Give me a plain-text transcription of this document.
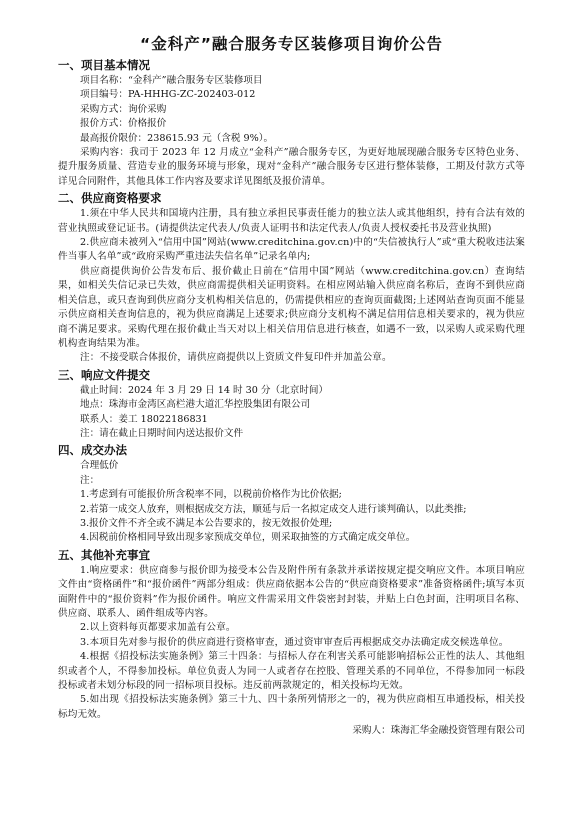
“金科产”融合服务专区装修项目询价公告
一、项目基本情况
项目名称：“金科产”融合服务专区装修项目
项目编号：PA-HHHG-ZC-202403-012
采购方式：询价采购
报价方式：价格报价
最高报价限价：238615.93 元（含税 9%）。
采购内容：我司于 2023 年 12 月成立“金科产”融合服务专区，为更好地展现融合服务专区特色业务、提升服务质量、营造专业的服务环境与形象，现对“金科产”融合服务专区进行整体装修，工期及付款方式等详见合同附件，其他具体工作内容及要求详见图纸及报价清单。
二、供应商资格要求
1.须在中华人民共和国境内注册，具有独立承担民事责任能力的独立法人或其他组织，持有合法有效的营业执照或登记证书。(请提供法定代表人/负责人证明书和法定代表人/负责人授权委托书及营业执照)
2.供应商未被列入“信用中国”网站(www.creditchina.gov.cn)中的“失信被执行人”或“重大税收违法案件当事人名单”或“政府采购严重违法失信名单”记录名单内;
供应商提供询价公告发布后、报价截止日前在“信用中国”网站（www.creditchina.gov.cn）查询结果，如相关失信记录已失效，供应商需提供相关证明资料。在相应网站输入供应商名称后，查询不到供应商相关信息，或只查询到供应商分支机构相关信息的，仍需提供相应的查询页面截图;上述网站查询页面不能显示供应商相关查询信息的，视为供应商满足上述要求;供应商分支机构不满足信用信息相关要求的，视为供应商不满足要求。采购代理在报价截止当天对以上相关信用信息进行核查，如遇不一致，以采购人或采购代理机构查询结果为准。
注：不接受联合体报价，请供应商提供以上资质文件复印件并加盖公章。
三、响应文件提交
截止时间：2024 年 3 月 29 日 14 时 30 分（北京时间）
地点：珠海市金湾区高栏港大道汇华控股集团有限公司
联系人：姜工 18022186831
注：请在截止日期时间内送达报价文件
四、成交办法
合理低价
注：
1.考虑到有可能报价所含税率不同，以税前价格作为比价依据;
2.若第一成交人放弃，则根据成交方法，顺延与后一名拟定成交人进行谈判确认，以此类推;
3.报价文件不齐全或不满足本公告要求的，按无效报价处理;
4.因税前价格相同导致出现多家预成交单位，则采取抽签的方式确定成交单位。
五、其他补充事宜
1.响应要求：供应商参与报价即为接受本公告及附件所有条款并承诺按规定提交响应文件。本项目响应文件由“资格函件”和“报价函件”两部分组成：供应商依据本公告的“供应商资格要求”准备资格函件;填写本页面附件中的“报价资料”作为报价函件。响应文件需采用文件袋密封封装，并贴上白色封面，注明项目名称、供应商、联系人、函件组成等内容。
2.以上资料每页都要求加盖有公章。
3.本项目先对参与报价的供应商进行资格审查，通过资审审查后再根据成交办法确定成交候选单位。
4.根据《招投标法实施条例》第三十四条：与招标人存在利害关系可能影响招标公正性的法人、其他组织或者个人，不得参加投标。单位负责人为同一人或者存在控股、管理关系的不同单位，不得参加同一标段投标或者未划分标段的同一招标项目投标。违反前两款规定的，相关投标均无效。
5.如出现《招投标法实施条例》第三十九、四十条所列情形之一的，视为供应商相互串通投标，相关投标均无效。
采购人：珠海汇华金融投资管理有限公司
